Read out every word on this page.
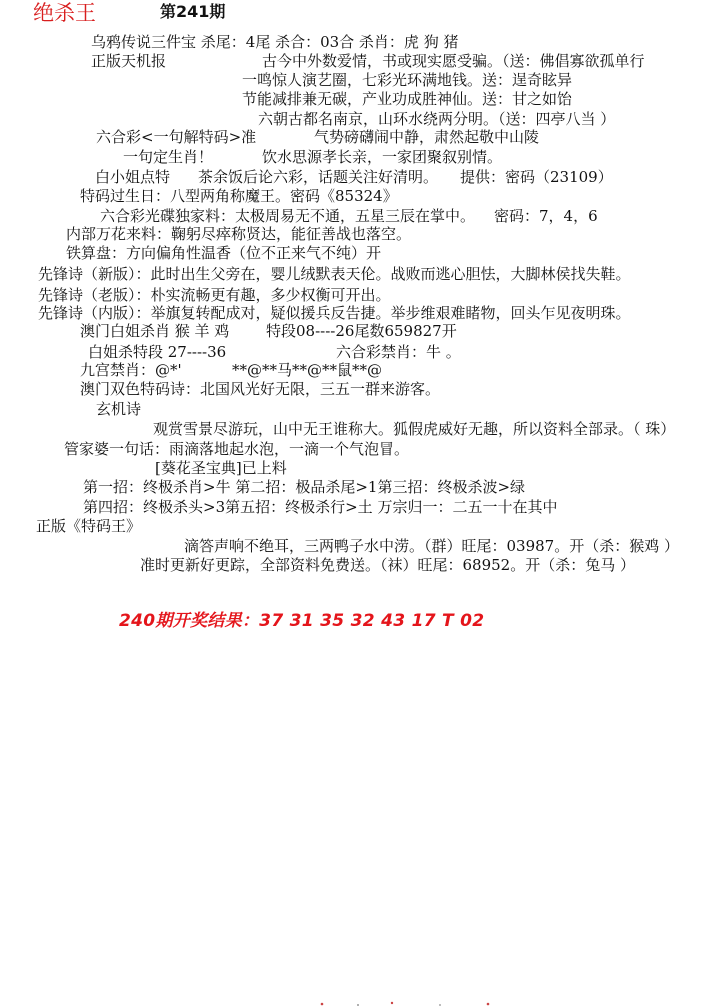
绝杀王	第241期
乌鸦传说三件宝 杀尾：4尾 杀合：03合 杀肖：虎 狗 猪
正版天机报	古今中外数爱情，书或现实愿受骗。（送：佛倡寡欲孤单行
一鸣惊人演艺圈，七彩光环满地钱。送：逞奇眩异
节能减排兼无碳，产业功成胜神仙。送：甘之如饴
六朝古都名南京，山环水绕两分明。（送：四亭八当 ）
六合彩<一句解特码>准	气势磅礴闹中静，肃然起敬中山陵
一句定生肖！	饮水思源孝长亲，一家团聚叙别情。
白小姐点特 茶余饭后论六彩，话题关注好清明。 提供：密码（23109）
特码过生日：八型两角称魔王。密码《85324》
六合彩光碟独家料：太极周易无不通，五星三辰在掌中。 密码：7，4，6
内部万花来料：鞠躬尽瘁称贤达，能征善战也落空。
铁算盘：方向偏角性温香（位不正来气不纯）开
先锋诗（新版）：此时出生父旁在，婴儿绒默表天伦。战败而逃心胆怯，大脚林侯找失鞋。
先锋诗（老版）：朴实流畅更有趣，多少权衡可开出。
先锋诗（内版）：举旗复转配成对，疑似援兵反告捷。举步维艰难睹物，回头乍见夜明珠。
澳门白姐杀肖 猴 羊 鸡 特段08----26尾数659827开
白姐杀特段 27----36	六合彩禁肖：牛 。
九宫禁肖：@*'	**@**马**@**鼠**@
澳门双色特码诗：北国风光好无限，三五一群来游客。
玄机诗
观赏雪景尽游玩，山中无王谁称大。狐假虎威好无趣，所以资料全部录。（ 珠）
管家婆一句话：雨滴落地起水泡，一滴一个气泡冒。
[葵花圣宝典]已上料
第一招：终极杀肖>牛 第二招：极品杀尾>1第三招：终极杀波>绿
第四招：终极杀头>3第五招：终极杀行>土 万宗归一：二五一十在其中
正版《特码王》
滴答声响不绝耳，三两鸭子水中涝。（群）旺尾：03987。开（杀：猴鸡 ）
准时更新好更踪，全部资料免费送。（袜）旺尾：68952。开（杀：兔马 ）
240期开奖结果：37 31 35 32 43 17 T 02
